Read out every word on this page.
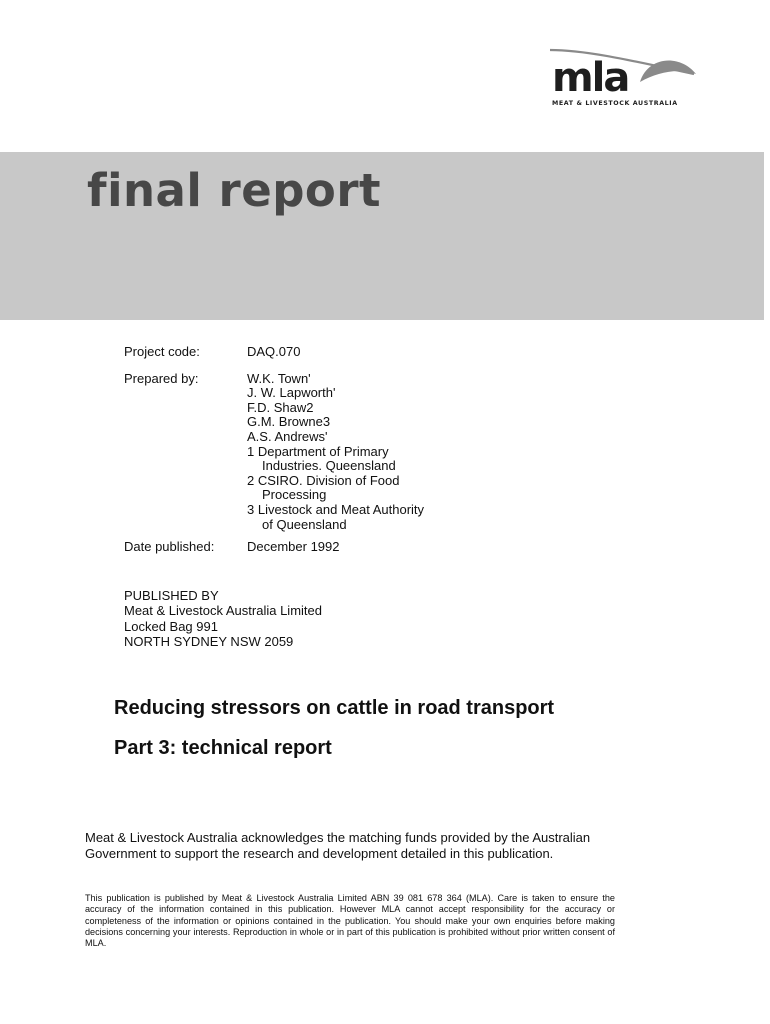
mla
MEAT & LIVESTOCK AUSTRALIA
final report
Project code:	DAQ.070
Prepared by:	W.K. Town'
J. W. Lapworth'
F.D. Shaw2
G.M. Browne3
A.S. Andrews'
1 Department of Primary
Industries. Queensland
2 CSIRO. Division of Food
Processing
3 Livestock and Meat Authority
of Queensland
Date published:	December 1992
PUBLISHED BY
Meat & Livestock Australia Limited
Locked Bag 991
NORTH SYDNEY NSW 2059
Reducing stressors on cattle in road transport
Part 3: technical report

Meat & Livestock Australia acknowledges the matching funds provided by the Australian Government to support the research and development detailed in this publication.

This publication is published by Meat & Livestock Australia Limited ABN 39 081 678 364 (MLA). Care is taken to ensure the accuracy of the information contained in this publication. However MLA cannot accept responsibility for the accuracy or completeness of the information or opinions contained in the publication. You should make your own enquiries before making decisions concerning your interests. Reproduction in whole or in part of this publication is prohibited without prior written consent of MLA.
